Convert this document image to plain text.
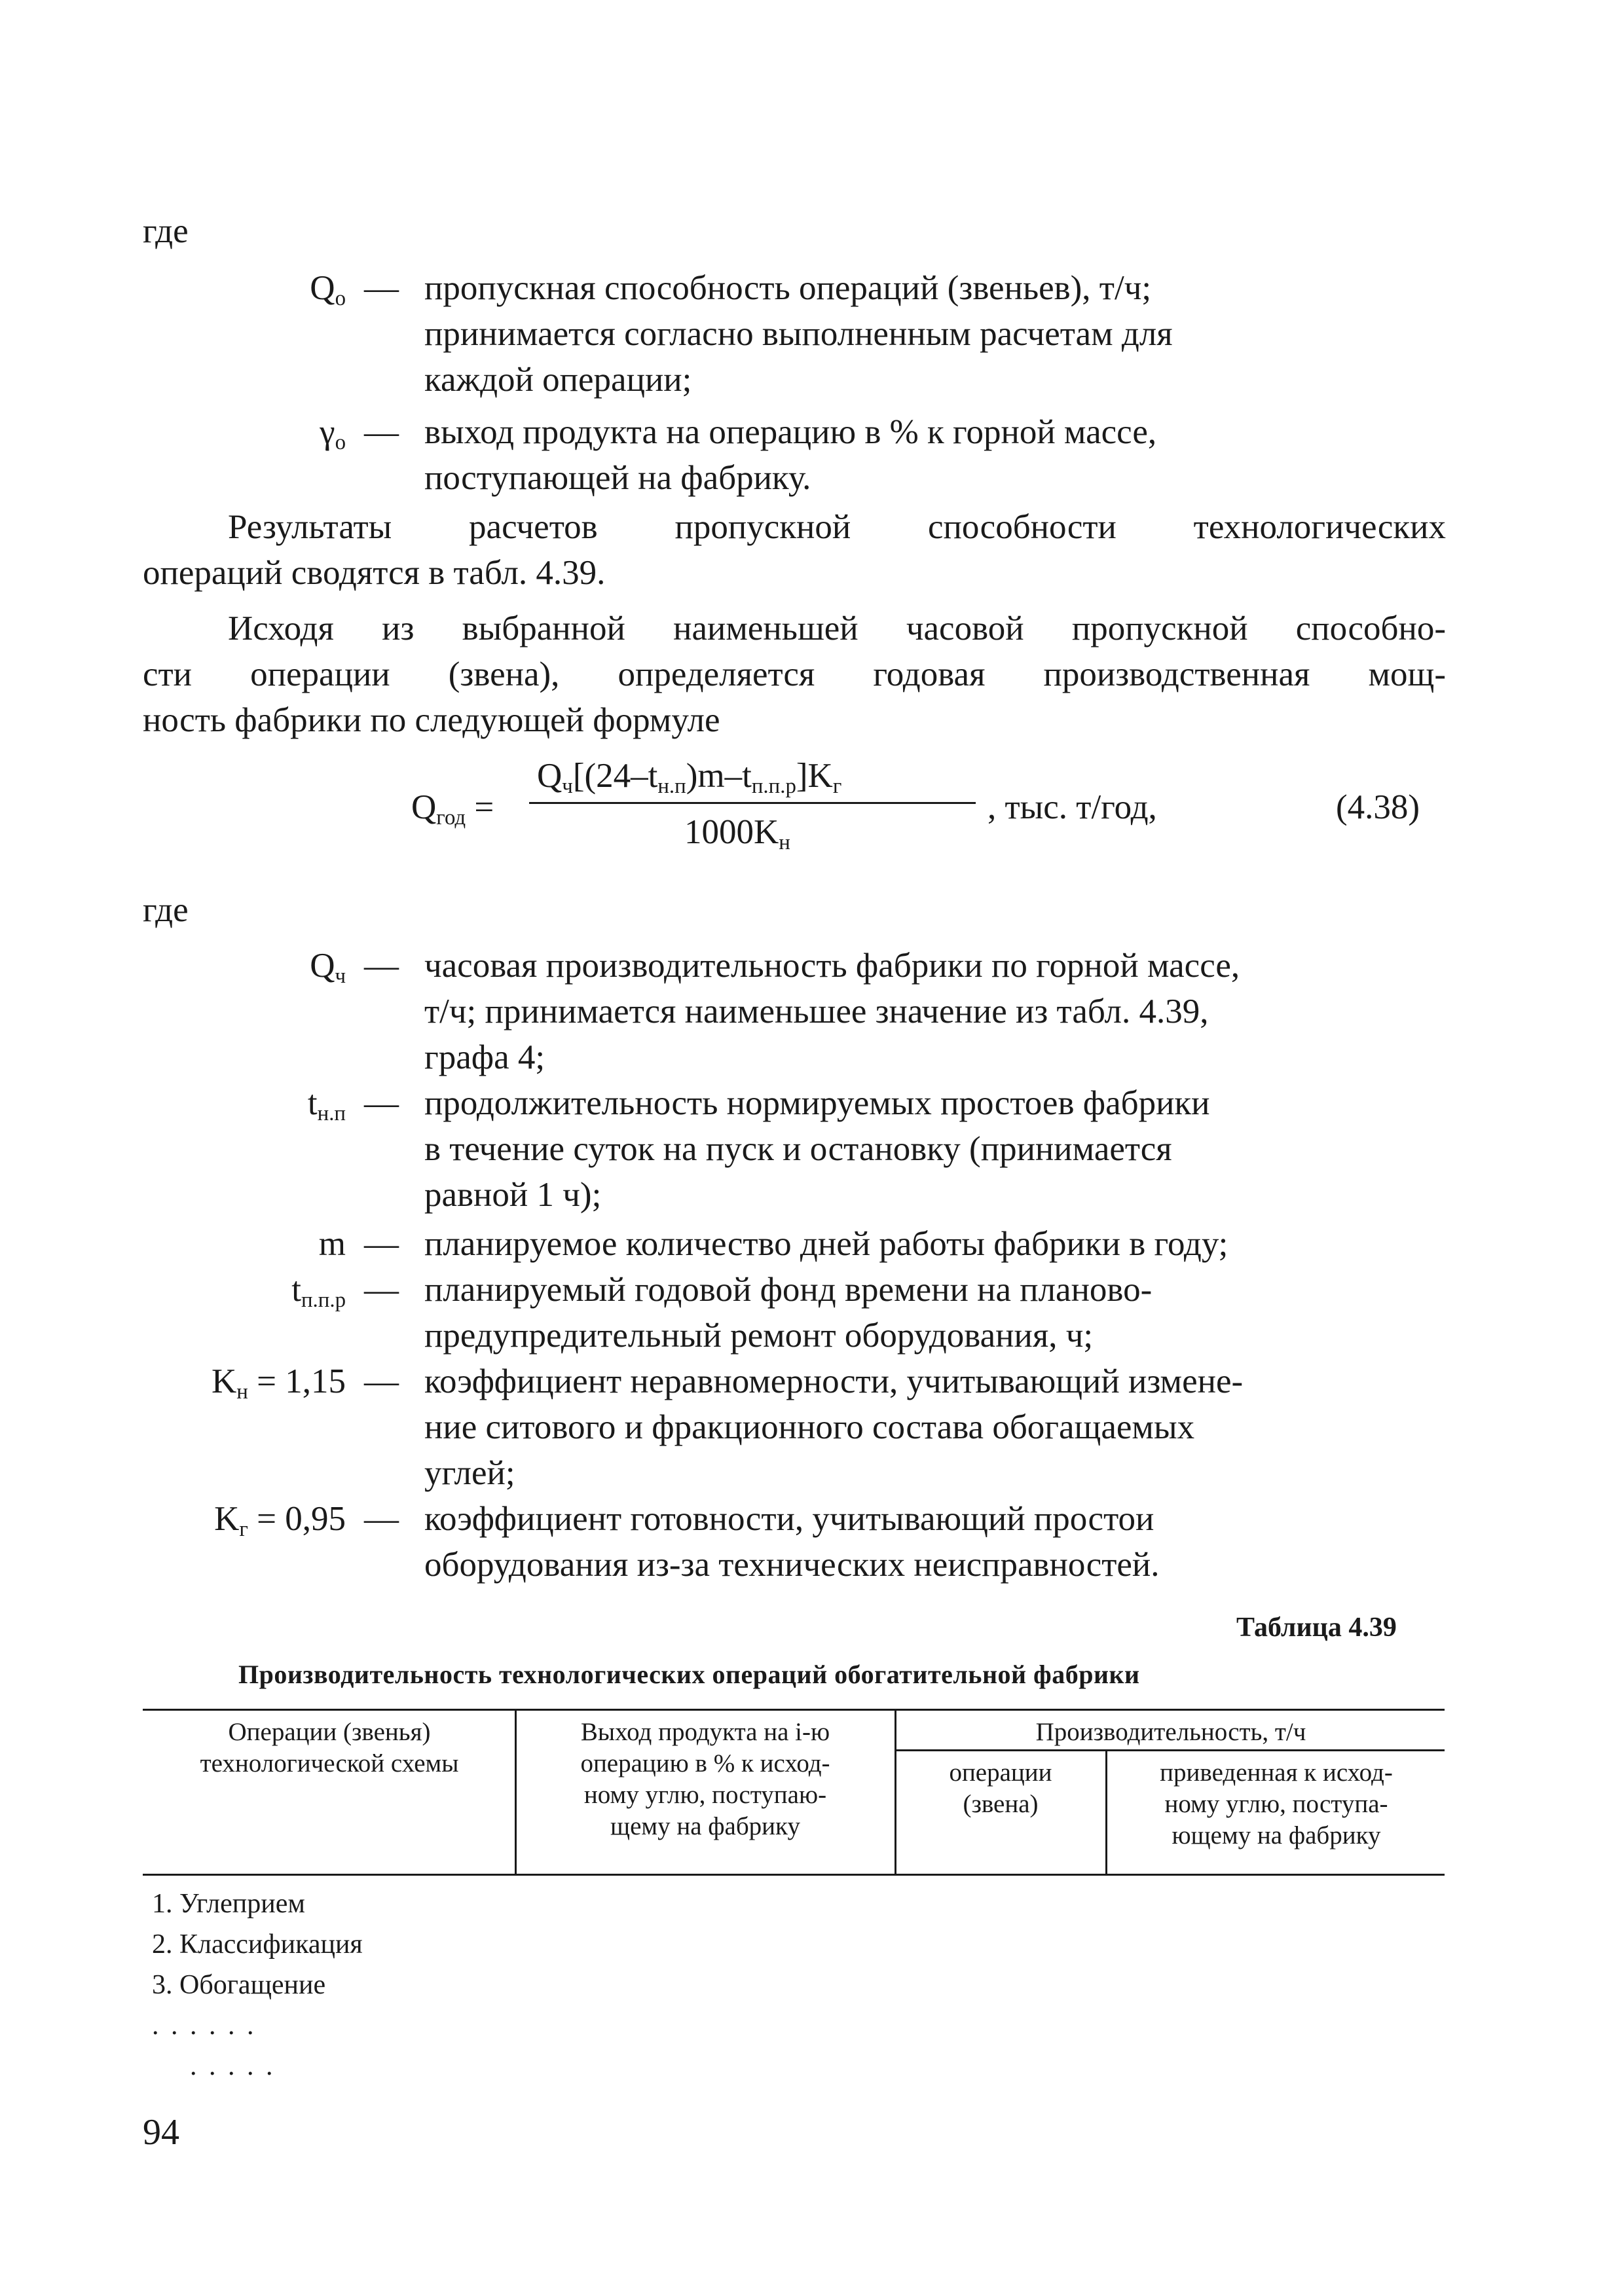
где
$Q_o$ — пропускная способность операций (звеньев), т/ч;
принимается согласно выполненным расчетам для
каждой операции;
$\gamma_o$ — выход продукта на операцию в % к горной массе,
поступающей на фабрику.
Результаты расчетов пропускной способности технологических
операций сводятся в табл. 4.39.
Исходя из выбранной наименьшей часовой пропускной способно-
сти операции (звена), определяется годовая производственная мощ-
ность фабрики по следующей формуле
$Q_{год}$ =
$Q_ч[(24-t_{н.п})m-t_{п.п.р}]K_г$
$1000K_н$
, тыс. т/год,	(4.38)
где
$Q_ч$ — часовая производительность фабрики по горной массе,
т/ч; принимается наименьшее значение из табл. 4.39,
графа 4;
$t_{н.п}$ — продолжительность нормируемых простоев фабрики
в течение суток на пуск и остановку (принимается
равной 1 ч);
m — планируемое количество дней работы фабрики в году;
$t_{п.п.р}$ — планируемый годовой фонд времени на планово-
предупредительный ремонт оборудования, ч;
$K_н = 1,15$ — коэффициент неравномерности, учитывающий измене-
ние ситового и фракционного состава обогащаемых
углей;
$K_г = 0,95$ — коэффициент готовности, учитывающий простои
оборудования из-за технических неисправностей.
Таблица 4.39
Производительность технологических операций обогатительной фабрики
Операции (звенья)
технологической схемы
Выход продукта на i-ю
операцию в % к исход-
ному углю, поступаю-
щему на фабрику
Производительность, т/ч
операции
(звена)
приведенная к исход-
ному углю, поступа-
ющему на фабрику
1. Углеприем
2. Классификация
3. Обогащение
. . . . . .
. . . . .
94
